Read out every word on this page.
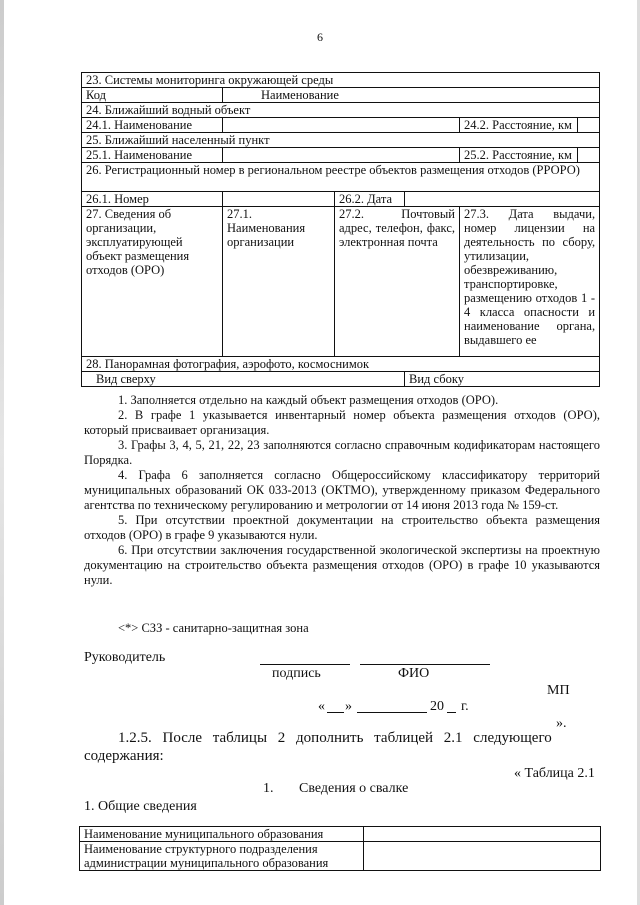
6
23. Системы мониторинга окружающей среды					
Код	Наименование				
24. Ближайший водный объект					
24.1. Наименование				24.2. Расстояние, км	
25. Ближайший населенный пункт					
25.1. Наименование				25.2. Расстояние, км	
26. Регистрационный номер в региональном реестре объектов размещения отходов (РРОРО)					
26.1. Номер		26.2. Дата			
27. Сведения об организации, эксплуатирующей объект размещения отходов (ОРО)	27.1. Наименования организации	27.2. Почтовый адрес, телефон, факс, электронная почта		27.3. Дата выдачи, номер лицензии на деятельность по сбору, утилизации, обезвреживанию, транспортировке, размещению отходов 1 - 4 класса опасности и наименование органа, выдавшего ее	
28. Панорамная фотография, аэрофото, космоснимок					
Вид сверху			Вид сбоку		

1. Заполняется отдельно на каждый объект размещения отходов (ОРО).

2. В графе 1 указывается инвентарный номер объекта размещения отходов (ОРО), который присваивает организация.

3. Графы 3, 4, 5, 21, 22, 23 заполняются согласно справочным кодификаторам настоящего Порядка.

4. Графа 6 заполняется согласно Общероссийскому классификатору территорий муниципальных образований ОК 033-2013 (ОКТМО), утвержденному приказом Федерального агентства по техническому регулированию и метрологии от 14 июня 2013 года № 159-ст.

5. При отсутствии проектной документации на строительство объекта размещения отходов (ОРО) в графе 9 указываются нули.

6. При отсутствии заключения государственной экологической экспертизы на проектную документацию на строительство объекта размещения отходов (ОРО) в графе 10 указываются нули.

<*> СЗЗ - санитарно-защитная зона
Руководитель
подпись	ФИО
МП
« »	20 г.
».
1.2.5. После таблицы 2 дополнить таблицей 2.1 следующего
содержания:
« Таблица 2.1
1. Сведения о свалке
1. Общие сведения
Наименование муниципального образования	

Наименование структурного подразделения
администрации муниципального образования	
